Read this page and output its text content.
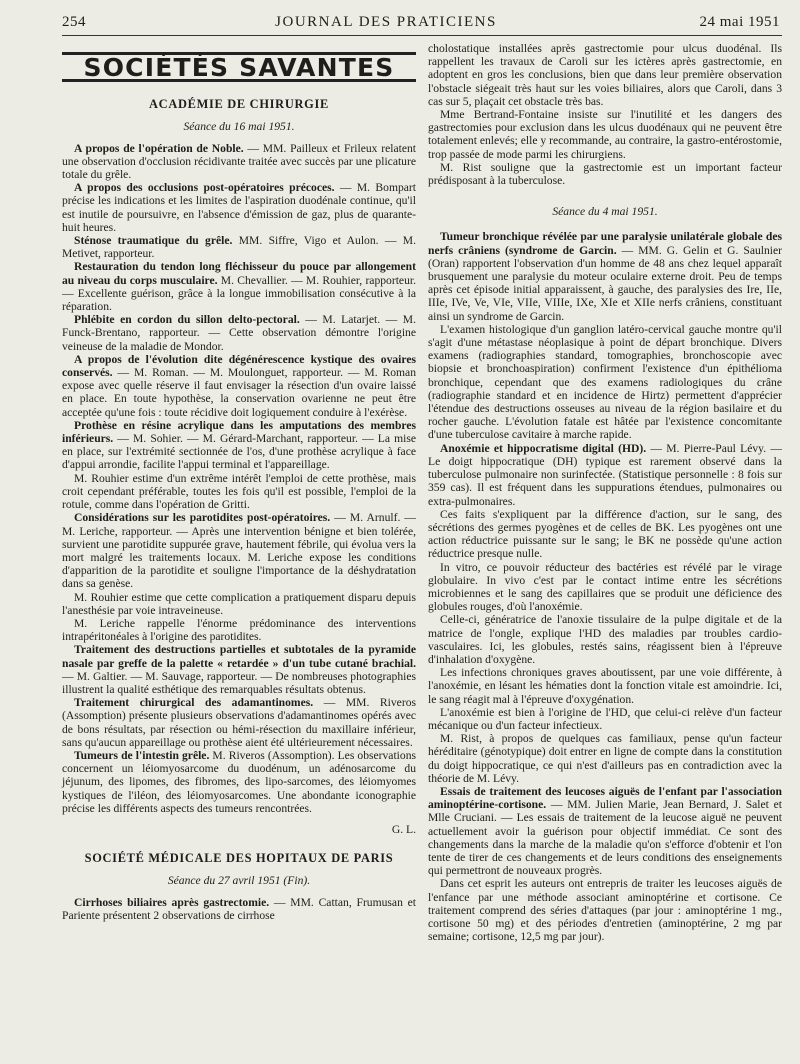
254	JOURNAL DES PRATICIENS	24 mai 1951
SOCIÉTÉS SAVANTES
ACADÉMIE DE CHIRURGIE
Séance du 16 mai 1951.

A propos de l'opération de Noble. — MM. Pailleux et Frileux relatent une observation d'occlusion récidivante traitée avec succès par une plicature totale du grêle.

A propos des occlusions post-opératoires précoces. — M. Bompart précise les indications et les limites de l'aspiration duodénale continue, qu'il est inutile de poursuivre, en l'absence d'émission de gaz, plus de quarante-huit heures.

Sténose traumatique du grêle. MM. Siffre, Vigo et Aulon. — M. Metivet, rapporteur.

Restauration du tendon long fléchisseur du pouce par allongement au niveau du corps musculaire. M. Chevallier. — M. Rouhier, rapporteur. — Excellente guérison, grâce à la longue immobilisation consécutive à la réparation.

Phlébite en cordon du sillon delto-pectoral. — M. Latarjet. — M. Funck-Brentano, rapporteur. — Cette observation démontre l'origine veineuse de la maladie de Mondor.

A propos de l'évolution dite dégénérescence kystique des ovaires conservés. — M. Roman. — M. Moulonguet, rapporteur. — M. Roman expose avec quelle réserve il faut envisager la résection d'un ovaire laissé en place. En toute hypothèse, la conservation ovarienne ne peut être acceptée qu'une fois : toute récidive doit logiquement conduire à l'exérèse.

Prothèse en résine acrylique dans les amputations des membres inférieurs. — M. Sohier. — M. Gérard-Marchant, rapporteur. — La mise en place, sur l'extrémité sectionnée de l'os, d'une prothèse acrylique à face d'appui arrondie, facilite l'appui terminal et l'appareillage.

M. Rouhier estime d'un extrême intérêt l'emploi de cette prothèse, mais croit cependant préférable, toutes les fois qu'il est possible, l'emploi de la rotule, comme dans l'opération de Gritti.

Considérations sur les parotidites post-opératoires. — M. Arnulf. — M. Leriche, rapporteur. — Après une intervention bénigne et bien tolérée, survient une parotidite suppurée grave, hautement fébrile, qui évolua vers la mort malgré les traitements locaux. M. Leriche expose les conditions d'apparition de la parotidite et souligne l'importance de la déshydratation dans sa genèse.

M. Rouhier estime que cette complication a pratiquement disparu depuis l'anesthésie par voie intraveineuse.

M. Leriche rappelle l'énorme prédominance des interventions intrapéritonéales à l'origine des parotidites.

Traitement des destructions partielles et subtotales de la pyramide nasale par greffe de la palette « retardée » d'un tube cutané brachial. — M. Galtier. — M. Sauvage, rapporteur. — De nombreuses photographies illustrent la qualité esthétique des remarquables résultats obtenus.

Traitement chirurgical des adamantinomes. — MM. Riveros (Assomption) présente plusieurs observations d'adamantinomes opérés avec de bons résultats, par résection ou hémi-résection du maxillaire inférieur, sans qu'aucun appareillage ou prothèse aient été ultérieurement nécessaires.

Tumeurs de l'intestin grêle. M. Riveros (Assomption). Les observations concernent un léiomyosarcome du duodénum, un adénosarcome du jéjunum, des lipomes, des fibromes, des lipo-sarcomes, des léiomyomes kystiques de l'iléon, des léiomyosarcomes. Une abondante iconographie précise les différents aspects des tumeurs rencontrées.

G. L.
SOCIÉTÉ MÉDICALE DES HOPITAUX DE PARIS
Séance du 27 avril 1951 (Fin).

Cirrhoses biliaires après gastrectomie. — MM. Cattan, Frumusan et Pariente présentent 2 observations de cirrhose

cholostatique installées après gastrectomie pour ulcus duodénal. Ils rappellent les travaux de Caroli sur les ictères après gastrectomie, en adoptent en gros les conclusions, bien que dans leur première observation l'obstacle siégeait très haut sur les voies biliaires, alors que Caroli, dans 3 cas sur 5, plaçait cet obstacle très bas.

Mme Bertrand-Fontaine insiste sur l'inutilité et les dangers des gastrectomies pour exclusion dans les ulcus duodénaux qui ne peuvent être totalement enlevés; elle y recommande, au contraire, la gastro-entérostomie, trop passée de mode parmi les chirurgiens.

M. Rist souligne que la gastrectomie est un important facteur prédisposant à la tuberculose.

Séance du 4 mai 1951.

Tumeur bronchique révélée par une paralysie unilatérale globale des nerfs crâniens (syndrome de Garcin. — MM. G. Gelin et G. Saulnier (Oran) rapportent l'observation d'un homme de 48 ans chez lequel apparaît brusquement une paralysie du moteur oculaire externe droit. Peu de temps après cet épisode initial apparaissent, à gauche, des paralysies des Ire, IIe, IIIe, IVe, Ve, VIe, VIIe, VIIIe, IXe, XIe et XIIe nerfs crâniens, constituant ainsi un syndrome de Garcin.

L'examen histologique d'un ganglion latéro-cervical gauche montre qu'il s'agit d'une métastase néoplasique à point de départ bronchique. Divers examens (radiographies standard, tomographies, bronchoscopie avec biopsie et bronchoaspiration) confirment l'existence d'un épithélioma bronchique, cependant que des examens radiologiques du crâne (radiographie standard et en incidence de Hirtz) permettent d'apprécier l'étendue des destructions osseuses au niveau de la région basilaire et du rocher gauche. L'évolution fatale est hâtée par l'existence concomitante d'une tuberculose cavitaire à marche rapide.

Anoxémie et hippocratisme digital (HD). — M. Pierre-Paul Lévy. — Le doigt hippocratique (DH) typique est rarement observé dans la tuberculose pulmonaire non surinfectée. (Statistique personnelle : 8 fois sur 359 cas). Il est fréquent dans les suppurations étendues, pulmonaires ou extra-pulmonaires.

Ces faits s'expliquent par la différence d'action, sur le sang, des sécrétions des germes pyogènes et de celles de BK. Les pyogènes ont une action réductrice puissante sur le sang; le BK ne possède qu'une action réductrice presque nulle.

In vitro, ce pouvoir réducteur des bactéries est révélé par le virage globulaire. In vivo c'est par le contact intime entre les sécrétions microbiennes et le sang des capillaires que se produit une déficience des globules rouges, d'où l'anoxémie.

Celle-ci, génératrice de l'anoxie tissulaire de la pulpe digitale et de la matrice de l'ongle, explique l'HD des maladies par troubles cardio-vasculaires. Ici, les globules, restés sains, réagissent bien à l'épreuve d'inhalation d'oxygène.

Les infections chroniques graves aboutissent, par une voie différente, à l'anoxémie, en lésant les hématies dont la fonction vitale est amoindrie. Ici, le sang réagit mal à l'épreuve d'oxygénation.

L'anoxémie est bien à l'origine de l'HD, que celui-ci relève d'un facteur mécanique ou d'un facteur infectieux.

M. Rist, à propos de quelques cas familiaux, pense qu'un facteur héréditaire (génotypique) doit entrer en ligne de compte dans la constitution du doigt hippocratique, ce qui n'est d'ailleurs pas en contradiction avec la théorie de M. Lévy.

Essais de traitement des leucoses aiguës de l'enfant par l'association aminoptérine-cortisone. — MM. Julien Marie, Jean Bernard, J. Salet et Mlle Cruciani. — Les essais de traitement de la leucose aiguë ne peuvent actuellement avoir la guérison pour objectif immédiat. Ce sont des changements dans la marche de la maladie qu'on s'efforce d'obtenir et l'on tente de tirer de ces changements et de leurs conditions des enseignements qui permettront de nouveaux progrès.

Dans cet esprit les auteurs ont entrepris de traiter les leucoses aiguës de l'enfance par une méthode associant aminoptérine et cortisone. Ce traitement comprend des séries d'attaques (par jour : aminoptérine 1 mg., cortisone 50 mg) et des périodes d'entretien (aminoptérine, 2 mg par semaine; cortisone, 12,5 mg par jour).
